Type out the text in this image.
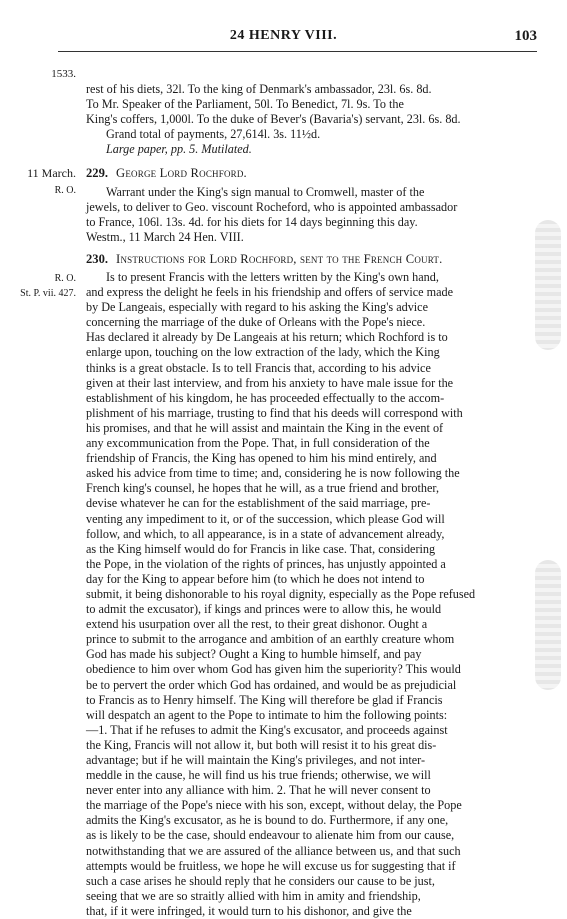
24 HENRY VIII.	103
1533.
rest of his diets, 32l. To the king of Denmark's ambassador, 23l. 6s. 8d.
To Mr. Speaker of the Parliament, 50l. To Benedict, 7l. 9s. To the
King's coffers, 1,000l. To the duke of Bever's (Bavaria's) servant, 23l. 6s. 8d.
Grand total of payments, 27,614l. 3s. 11½d.
Large paper, pp. 5. Mutilated.
11 March.
R. O.
229. George Lord Rochford.
Warrant under the King's sign manual to Cromwell, master of the
jewels, to deliver to Geo. viscount Rocheford, who is appointed ambassador
to France, 106l. 13s. 4d. for his diets for 14 days beginning this day.
Westm., 11 March 24 Hen. VIII.
R. O.
St. P. vii. 427.
230. Instructions for Lord Rochford, sent to the French Court.
Is to present Francis with the letters written by the King's own hand,
and express the delight he feels in his friendship and offers of service made
by De Langeais, especially with regard to his asking the King's advice
concerning the marriage of the duke of Orleans with the Pope's niece.
Has declared it already by De Langeais at his return; which Rochford is to
enlarge upon, touching on the low extraction of the lady, which the King
thinks is a great obstacle. Is to tell Francis that, according to his advice
given at their last interview, and from his anxiety to have male issue for the
establishment of his kingdom, he has proceeded effectually to the accom-
plishment of his marriage, trusting to find that his deeds will correspond with
his promises, and that he will assist and maintain the King in the event of
any excommunication from the Pope. That, in full consideration of the
friendship of Francis, the King has opened to him his mind entirely, and
asked his advice from time to time; and, considering he is now following the
French king's counsel, he hopes that he will, as a true friend and brother,
devise whatever he can for the establishment of the said marriage, pre-
venting any impediment to it, or of the succession, which please God will
follow, and which, to all appearance, is in a state of advancement already,
as the King himself would do for Francis in like case. That, considering
the Pope, in the violation of the rights of princes, has unjustly appointed a
day for the King to appear before him (to which he does not intend to
submit, it being dishonorable to his royal dignity, especially as the Pope refused
to admit the excusator), if kings and princes were to allow this, he would
extend his usurpation over all the rest, to their great dishonor. Ought a
prince to submit to the arrogance and ambition of an earthly creature whom
God has made his subject? Ought a King to humble himself, and pay
obedience to him over whom God has given him the superiority? This would
be to pervert the order which God has ordained, and would be as prejudicial
to Francis as to Henry himself. The King will therefore be glad if Francis
will despatch an agent to the Pope to intimate to him the following points:
—1. That if he refuses to admit the King's excusator, and proceeds against
the King, Francis will not allow it, but both will resist it to his great dis-
advantage; but if he will maintain the King's privileges, and not inter-
meddle in the cause, he will find us his true friends; otherwise, we will
never enter into any alliance with him. 2. That he will never consent to
the marriage of the Pope's niece with his son, except, without delay, the Pope
admits the King's excusator, as he is bound to do. Furthermore, if any one,
as is likely to be the case, should endeavour to alienate him from our cause,
notwithstanding that we are assured of the alliance between us, and that such
attempts would be fruitless, we hope he will excuse us for suggesting that if
such a case arises he should reply that he considers our cause to be just,
seeing that we are so straitly allied with him in amity and friendship,
that, if it were infringed, it would turn to his dishonor, and give the
